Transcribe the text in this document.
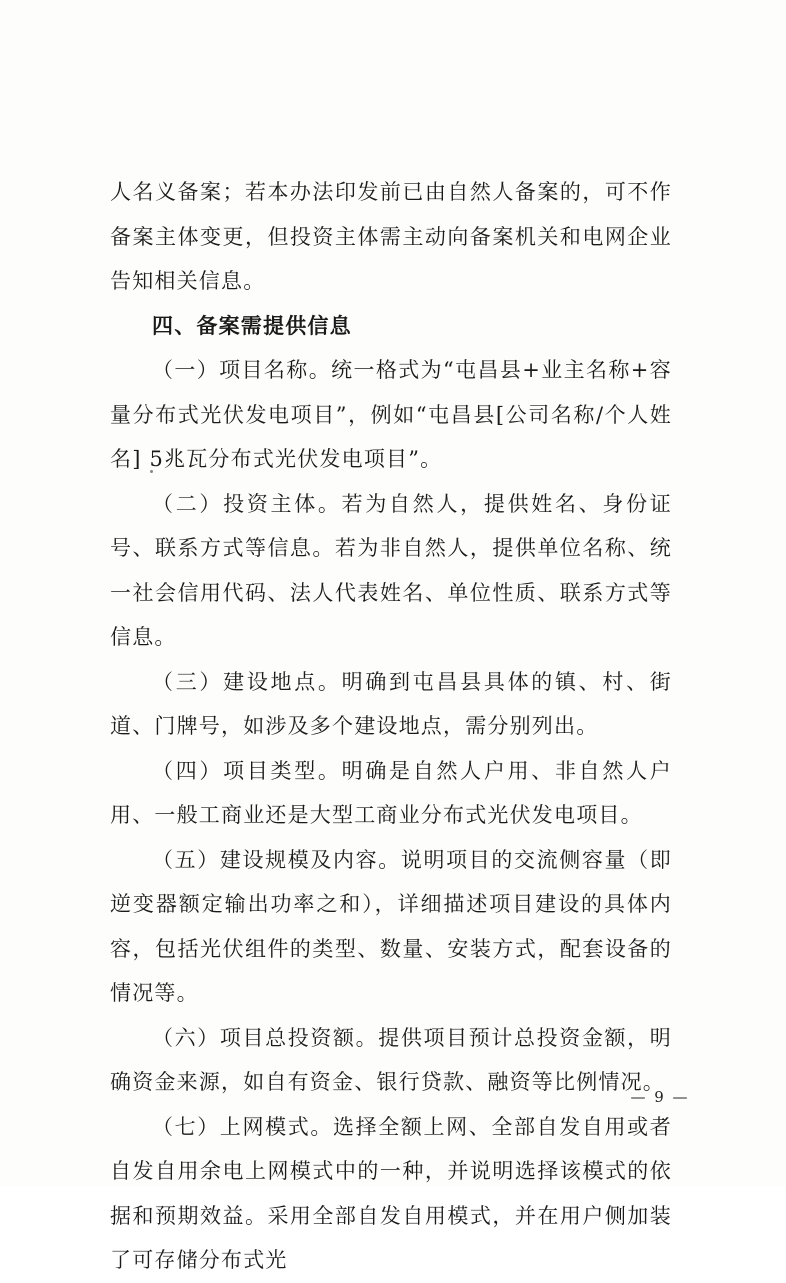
人名义备案；若本办法印发前已由自然人备案的，可不作备案主体变更，但投资主体需主动向备案机关和电网企业告知相关信息。

四、备案需提供信息

（一）项目名称。统一格式为“屯昌县+业主名称+容量分布式光伏发电项目”，例如“屯昌县[公司名称/个人姓名] 5兆瓦分布式光伏发电项目”。

（二）投资主体。若为自然人，提供姓名、身份证号、联系方式等信息。若为非自然人，提供单位名称、统一社会信用代码、法人代表姓名、单位性质、联系方式等信息。

（三）建设地点。明确到屯昌县具体的镇、村、街道、门牌号，如涉及多个建设地点，需分别列出。

（四）项目类型。明确是自然人户用、非自然人户用、一般工商业还是大型工商业分布式光伏发电项目。

（五）建设规模及内容。说明项目的交流侧容量（即逆变器额定输出功率之和），详细描述项目建设的具体内容，包括光伏组件的类型、数量、安装方式，配套设备的情况等。

（六）项目总投资额。提供项目预计总投资金额，明确资金来源，如自有资金、银行贷款、融资等比例情况。

（七）上网模式。选择全额上网、全部自发自用或者自发自用余电上网模式中的一种，并说明选择该模式的依据和预期效益。采用全部自发自用模式，并在用户侧加装了可存储分布式光

— 9 —
